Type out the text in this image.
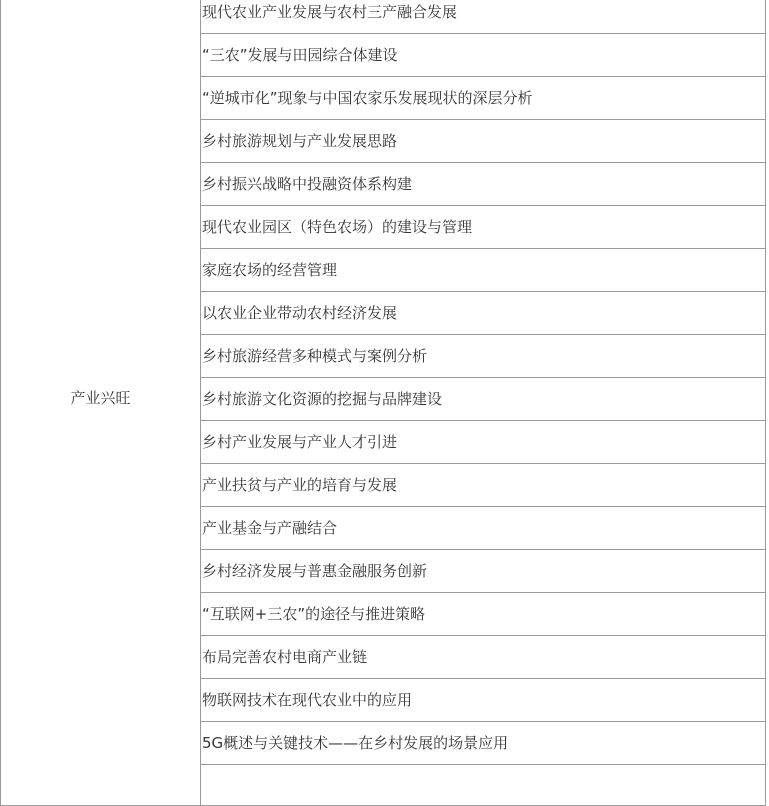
产业兴旺	现代农业产业发展与农村三产融合发展
“三农”发展与田园综合体建设
“逆城市化”现象与中国农家乐发展现状的深层分析
乡村旅游规划与产业发展思路
乡村振兴战略中投融资体系构建
现代农业园区（特色农场）的建设与管理
家庭农场的经营管理
以农业企业带动农村经济发展
乡村旅游经营多种模式与案例分析
乡村旅游文化资源的挖掘与品牌建设
乡村产业发展与产业人才引进
产业扶贫与产业的培育与发展
产业基金与产融结合
乡村经济发展与普惠金融服务创新
“互联网+三农”的途径与推进策略
布局完善农村电商产业链
物联网技术在现代农业中的应用
5G概述与关键技术——在乡村发展的场景应用
